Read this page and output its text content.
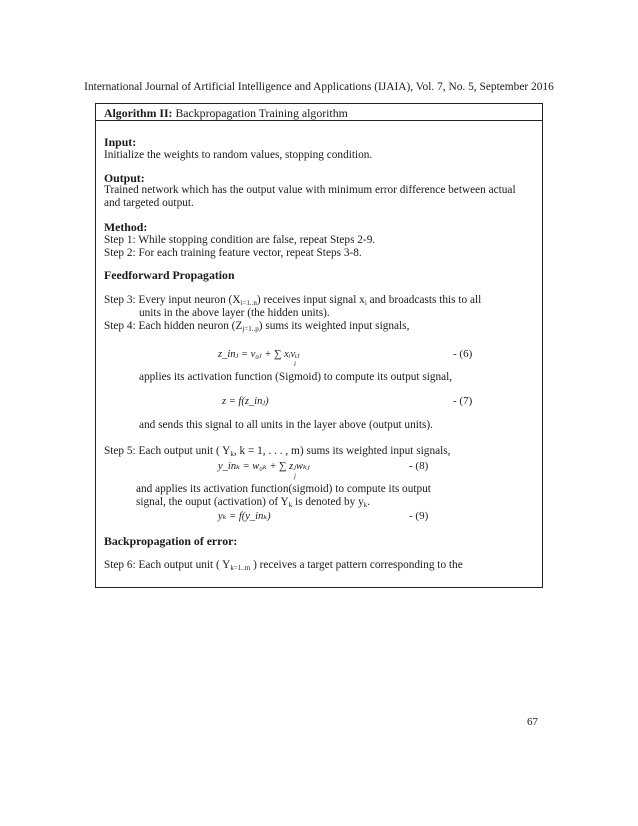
International Journal of Artificial Intelligence and Applications (IJAIA), Vol. 7, No. 5, September 2016
Algorithm II: Backpropagation Training algorithm
Input:
Initialize the weights to random values, stopping condition.
Output:
Trained network which has the output value with minimum error difference between actual
and targeted output.
Method:
Step 1: While stopping condition are false, repeat Steps 2-9.
Step 2: For each training feature vector, repeat Steps 3-8.
Feedforward Propagation
Step 3: Every input neuron $(X_{i=1..n})$ receives input signal $x_i$ and broadcasts this to all
units in the above layer (the hidden units).
Step 4: Each hidden neuron $(Z_{j=1..p})$ sums its weighted input signals,
z_inⱼ = v₀ⱼ + ∑ xᵢvᵢⱼ
i
- (6)
applies its activation function (Sigmoid) to compute its output signal,
z = f(z_inⱼ)	- (7)
and sends this signal to all units in the layer above (output units).
Step 5: Each output unit ( $Y_k$, k = 1, . . . , m) sums its weighted input signals,
y_inₖ = w₀ₖ + ∑ zⱼwₖⱼ
j
- (8)
and applies its activation function(sigmoid) to compute its output
signal, the ouput (activation) of $Y_k$ is denoted by $y_k$.
yₖ = f(y_inₖ)	- (9)
Backpropagation of error:
Step 6: Each output unit ( $Y_{k=1..m}$ ) receives a target pattern corresponding to the
67
